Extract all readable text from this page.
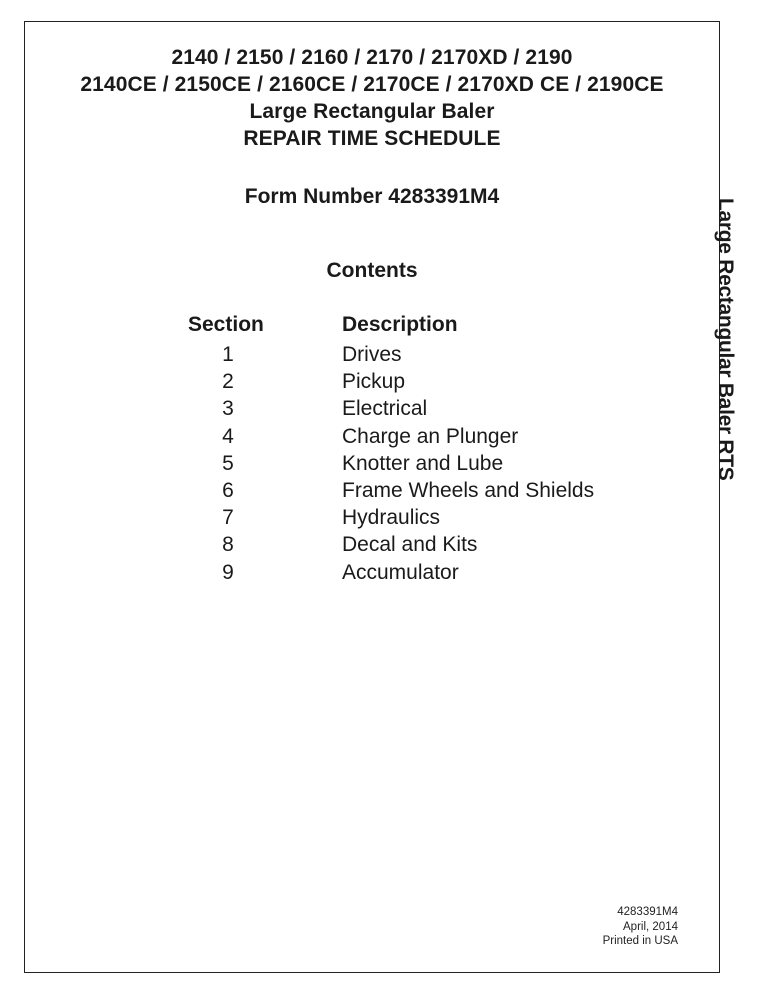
2140 / 2150 / 2160 / 2170 / 2170XD / 2190
2140CE / 2150CE / 2160CE / 2170CE / 2170XD CE / 2190CE
Large Rectangular Baler
REPAIR TIME SCHEDULE
Form Number 4283391M4
Contents
Section	Description
1	Drives
2	Pickup
3	Electrical
4	Charge an Plunger
5	Knotter and Lube
6	Frame Wheels and Shields
7	Hydraulics
8	Decal and Kits
9	Accumulator
Large Rectangular Baler RTS
4283391M4
April, 2014
Printed in USA
